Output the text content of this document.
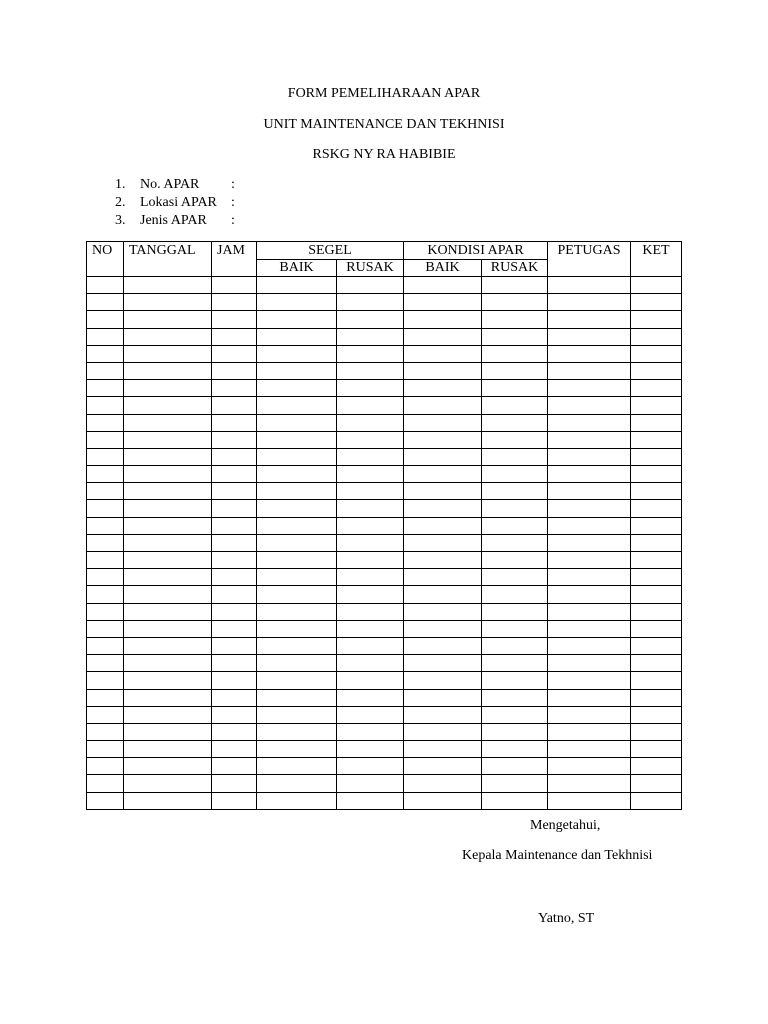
FORM PEMELIHARAAN APAR
UNIT MAINTENANCE DAN TEKHNISI
RSKG NY RA HABIBIE
1. No. APAR :
2. Lokasi APAR :
3. Jenis APAR :
NO	TANGGAL	JAM	SEGEL		KONDISI APAR		PETUGAS	KET
			BAIK	RUSAK	BAIK	RUSAK		

Mengetahui,
Kepala Maintenance dan Tekhnisi
Yatno, ST
